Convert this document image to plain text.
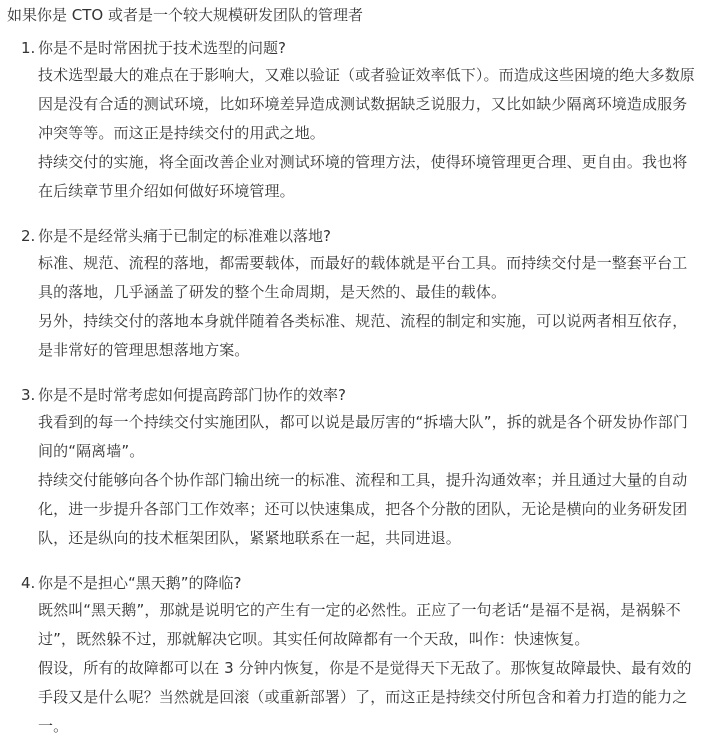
如果你是 CTO 或者是一个较大规模研发团队的管理者

1. 你是不是时常困扰于技术选型的问题?

技术选型最大的难点在于影响大，又难以验证（或者验证效率低下）。而造成这些困境的绝大多数原因是没有合适的测试环境，比如环境差异造成测试数据缺乏说服力，又比如缺少隔离环境造成服务冲突等等。而这正是持续交付的用武之地。

持续交付的实施，将全面改善企业对测试环境的管理方法，使得环境管理更合理、更自由。我也将在后续章节里介绍如何做好环境管理。

2. 你是不是经常头痛于已制定的标准难以落地?

标准、规范、流程的落地，都需要载体，而最好的载体就是平台工具。而持续交付是一整套平台工具的落地，几乎涵盖了研发的整个生命周期，是天然的、最佳的载体。

另外，持续交付的落地本身就伴随着各类标准、规范、流程的制定和实施，可以说两者相互依存，是非常好的管理思想落地方案。

3. 你是不是时常考虑如何提高跨部门协作的效率?

我看到的每一个持续交付实施团队，都可以说是最厉害的“拆墙大队”，拆的就是各个研发协作部门间的“隔离墙”。

持续交付能够向各个协作部门输出统一的标准、流程和工具，提升沟通效率；并且通过大量的自动化，进一步提升各部门工作效率；还可以快速集成，把各个分散的团队，无论是横向的业务研发团队，还是纵向的技术框架团队，紧紧地联系在一起，共同进退。

4. 你是不是担心“黑天鹅”的降临?

既然叫“黑天鹅”，那就是说明它的产生有一定的必然性。正应了一句老话“是福不是祸，是祸躲不过”，既然躲不过，那就解决它呗。其实任何故障都有一个天敌，叫作：快速恢复。

假设，所有的故障都可以在 3 分钟内恢复，你是不是觉得天下无敌了。那恢复故障最快、最有效的手段又是什么呢？当然就是回滚（或重新部署）了，而这正是持续交付所包含和着力打造的能力之一。
